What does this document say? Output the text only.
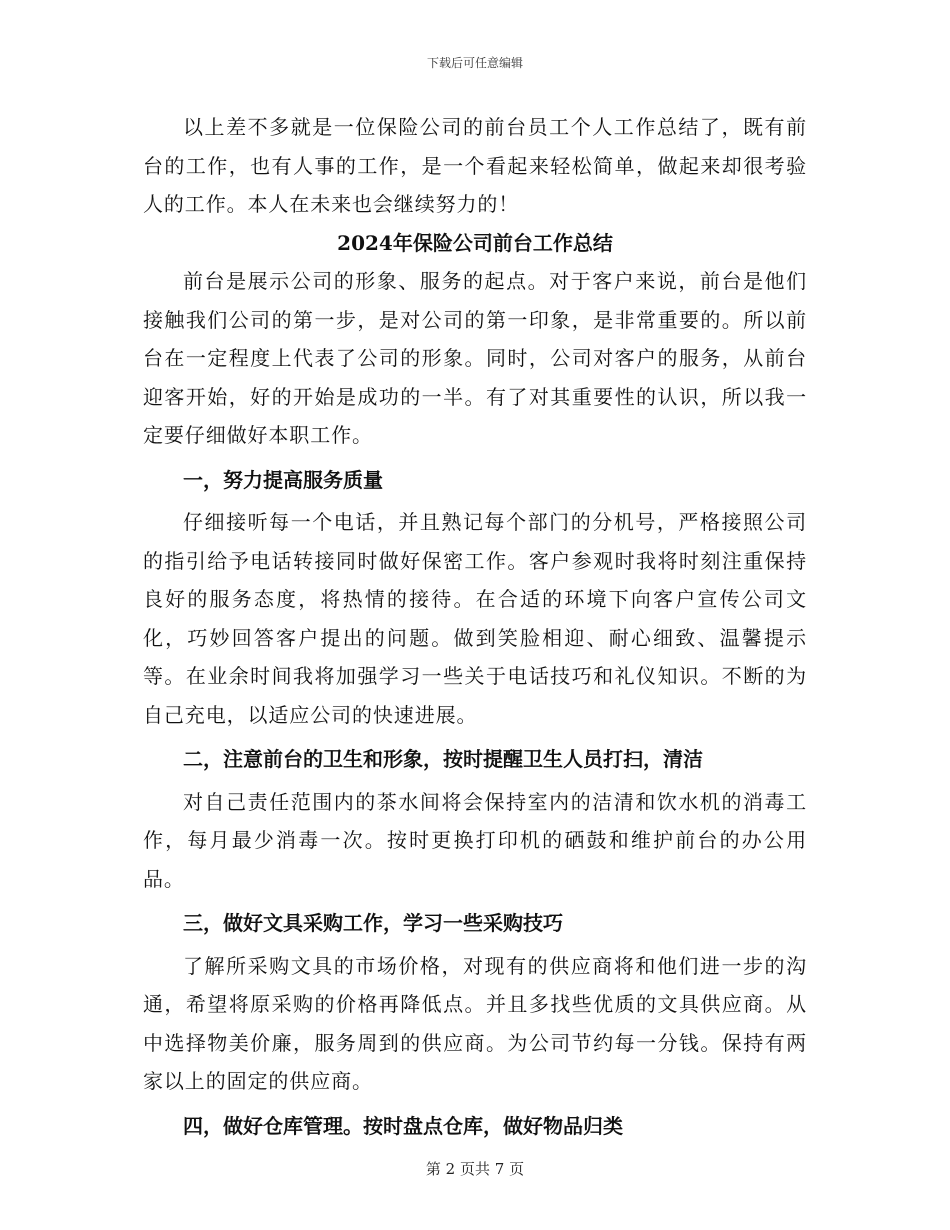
下载后可任意编辑

以上差不多就是一位保险公司的前台员工个人工作总结了，既有前台的工作，也有人事的工作，是一个看起来轻松简单，做起来却很考验人的工作。本人在未来也会继续努力的！

2024年保险公司前台工作总结

前台是展示公司的形象、服务的起点。对于客户来说，前台是他们接触我们公司的第一步，是对公司的第一印象，是非常重要的。所以前台在一定程度上代表了公司的形象。同时，公司对客户的服务，从前台迎客开始，好的开始是成功的一半。有了对其重要性的认识，所以我一定要仔细做好本职工作。

一，努力提高服务质量

仔细接听每一个电话，并且熟记每个部门的分机号，严格接照公司的指引给予电话转接同时做好保密工作。客户参观时我将时刻注重保持良好的服务态度，将热情的接待。在合适的环境下向客户宣传公司文化，巧妙回答客户提出的问题。做到笑脸相迎、耐心细致、温馨提示等。在业余时间我将加强学习一些关于电话技巧和礼仪知识。不断的为自己充电，以适应公司的快速进展。

二，注意前台的卫生和形象，按时提醒卫生人员打扫，清洁

对自己责任范围内的茶水间将会保持室内的洁清和饮水机的消毒工作，每月最少消毒一次。按时更换打印机的硒鼓和维护前台的办公用品。

三，做好文具采购工作，学习一些采购技巧

了解所采购文具的市场价格，对现有的供应商将和他们进一步的沟通，希望将原采购的价格再降低点。并且多找些优质的文具供应商。从中选择物美价廉，服务周到的供应商。为公司节约每一分钱。保持有两家以上的固定的供应商。

四，做好仓库管理。按时盘点仓库，做好物品归类

第 2 页共 7 页
